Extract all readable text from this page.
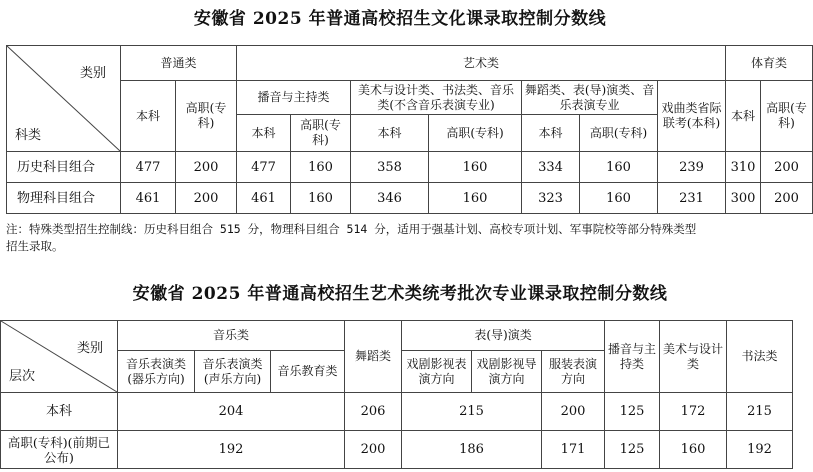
安徽省 2025 年普通高校招生文化课录取控制分数线
类别
科类	普通类		艺术类							体育类	
	本科	高职(专科)	播音与主持类		美术与设计类、书法类、音乐类(不含音乐表演专业)		舞蹈类、表(导)演类、音乐表演专业		戏曲类省际联考(本科)	本科	高职(专科)
			本科	高职(专科)	本科	高职(专科)	本科	高职(专科)			
历史科目组合	477	200	477	160	358	160	334	160	239	310	200
物理科目组合	461	200	461	160	346	160	323	160	231	300	200
注：特殊类型招生控制线：历史科目组合 515 分，物理科目组合 514 分，适用于强基计划、高校专项计划、军事院校等部分特殊类型
招生录取。
安徽省 2025 年普通高校招生艺术类统考批次专业课录取控制分数线
类别
层次	音乐类			舞蹈类	表(导)演类			播音与主持类	美术与设计类	书法类
	音乐表演类(器乐方向)	音乐表演类(声乐方向)	音乐教育类		戏剧影视表演方向	戏剧影视导演方向	服装表演方向			
本科	204			206	215		200	125	172	215
高职(专科)(前期已公布)	192			200	186		171	125	160	192
